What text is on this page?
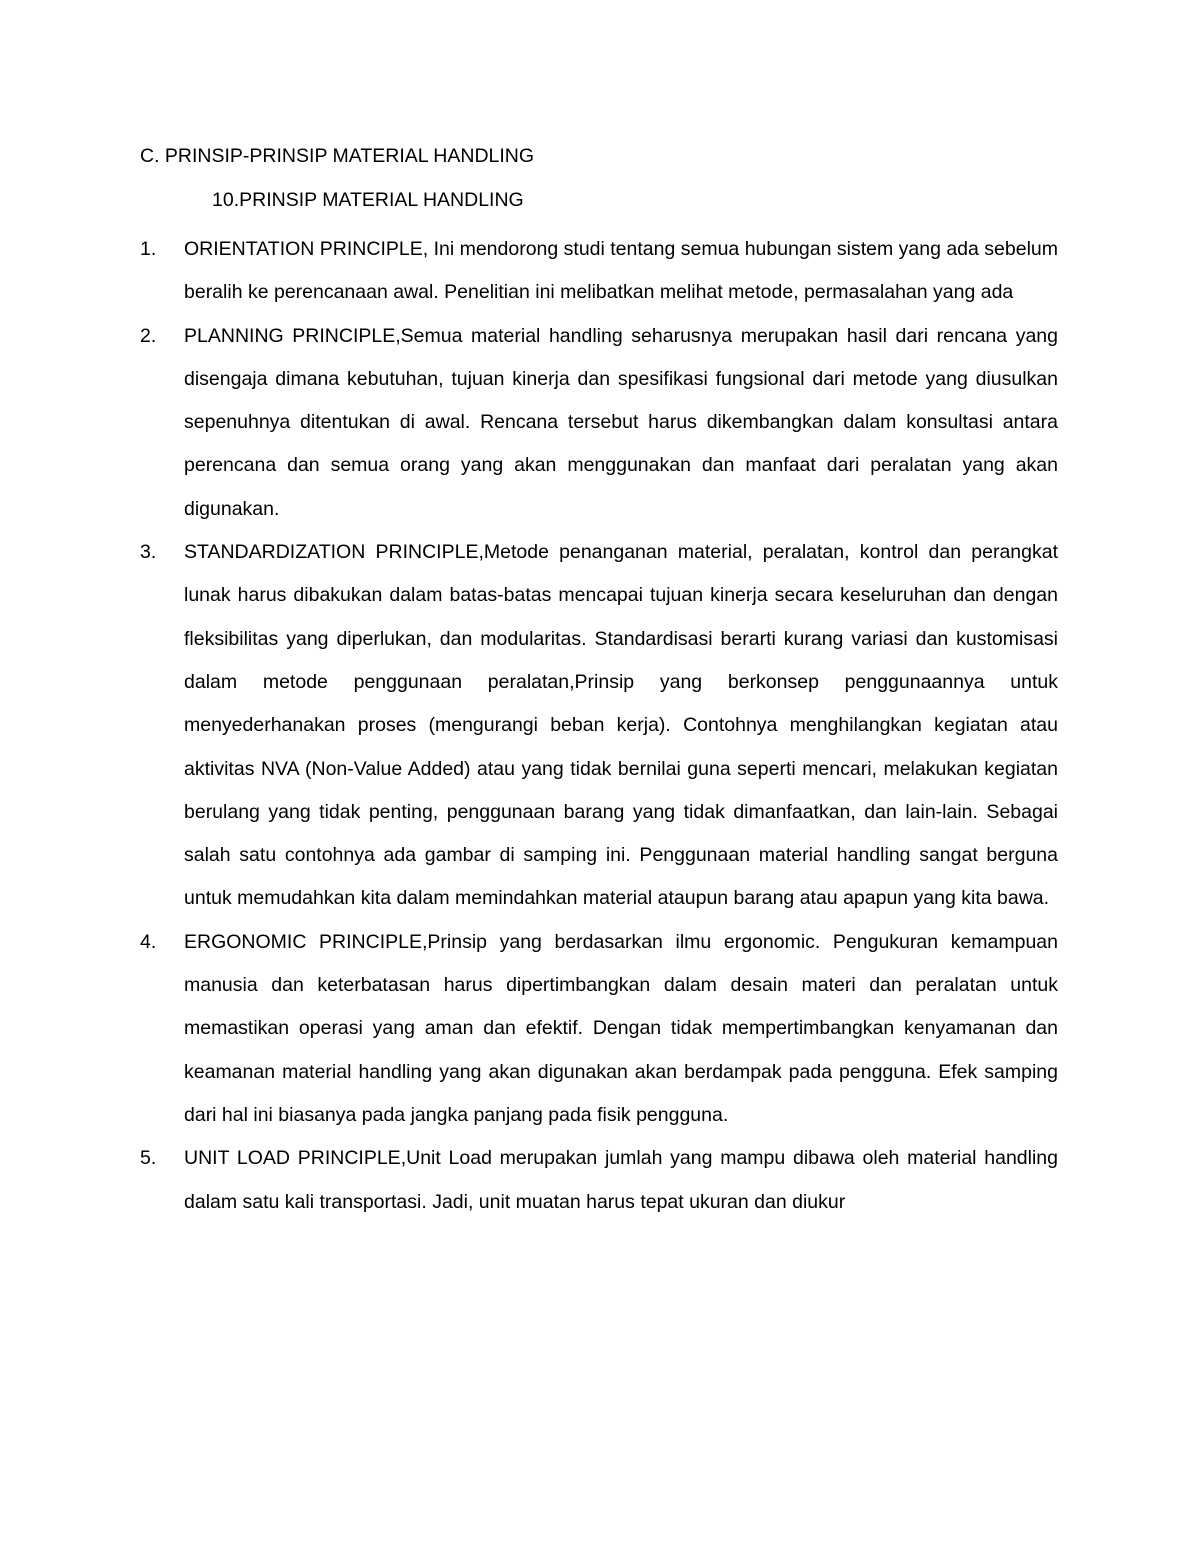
C. PRINSIP-PRINSIP MATERIAL HANDLING
10.PRINSIP MATERIAL HANDLING
1. ORIENTATION PRINCIPLE, Ini mendorong studi tentang semua hubungan sistem yang ada sebelum beralih ke perencanaan awal. Penelitian ini melibatkan melihat metode, permasalahan yang ada
2. PLANNING PRINCIPLE,Semua material handling seharusnya merupakan hasil dari rencana yang disengaja dimana kebutuhan, tujuan kinerja dan spesifikasi fungsional dari metode yang diusulkan sepenuhnya ditentukan di awal. Rencana tersebut harus dikembangkan dalam konsultasi antara perencana dan semua orang yang akan menggunakan dan manfaat dari peralatan yang akan digunakan.
3. STANDARDIZATION PRINCIPLE,Metode penanganan material, peralatan, kontrol dan perangkat lunak harus dibakukan dalam batas-batas mencapai tujuan kinerja secara keseluruhan dan dengan fleksibilitas yang diperlukan, dan modularitas. Standardisasi berarti kurang variasi dan kustomisasi dalam metode penggunaan peralatan,Prinsip yang berkonsep penggunaannya untuk menyederhanakan proses (mengurangi beban kerja). Contohnya menghilangkan kegiatan atau aktivitas NVA (Non-Value Added) atau yang tidak bernilai guna seperti mencari, melakukan kegiatan berulang yang tidak penting, penggunaan barang yang tidak dimanfaatkan, dan lain-lain. Sebagai salah satu contohnya ada gambar di samping ini. Penggunaan material handling sangat berguna untuk memudahkan kita dalam memindahkan material ataupun barang atau apapun yang kita bawa.
4. ERGONOMIC PRINCIPLE,Prinsip yang berdasarkan ilmu ergonomic. Pengukuran kemampuan manusia dan keterbatasan harus dipertimbangkan dalam desain materi dan peralatan untuk memastikan operasi yang aman dan efektif. Dengan tidak mempertimbangkan kenyamanan dan keamanan material handling yang akan digunakan akan berdampak pada pengguna. Efek samping dari hal ini biasanya pada jangka panjang pada fisik pengguna.
5. UNIT LOAD PRINCIPLE,Unit Load merupakan jumlah yang mampu dibawa oleh material handling dalam satu kali transportasi. Jadi, unit muatan harus tepat ukuran dan diukur
